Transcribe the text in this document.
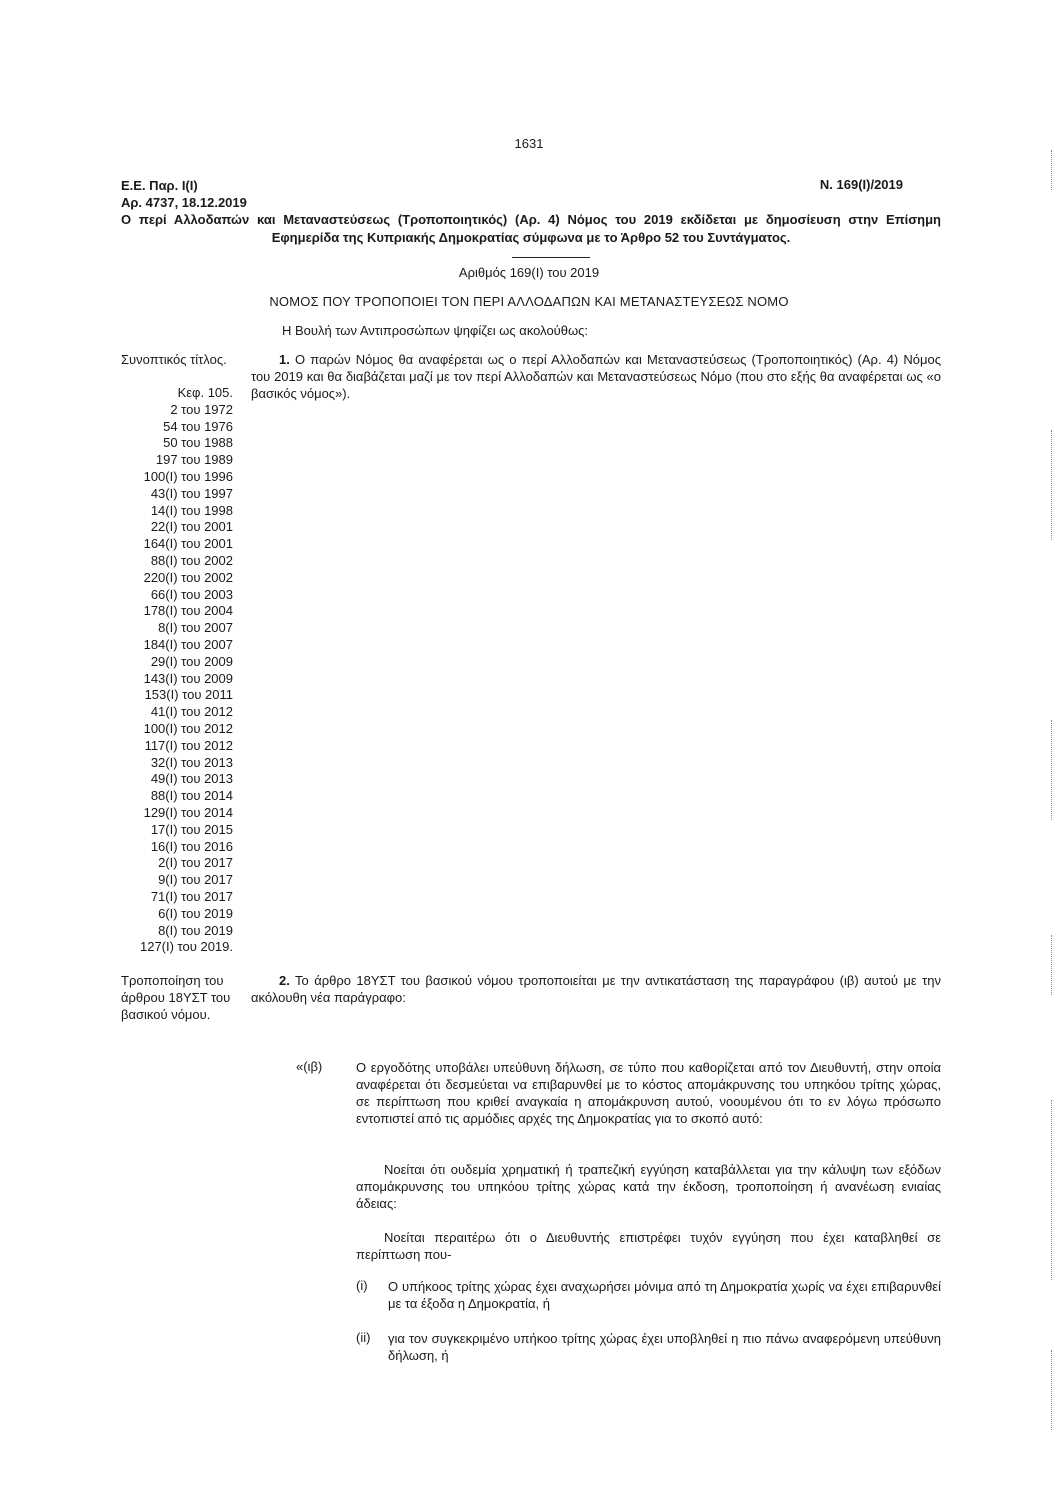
1631
Ε.Ε. Παρ. Ι(Ι)
Αρ. 4737, 18.12.2019
Ν. 169(Ι)/2019
Ο περί Αλλοδαπών και Μεταναστεύσεως (Τροποποιητικός) (Αρ. 4) Νόμος του 2019 εκδίδεται με δημοσίευση στην Επίσημη Εφημερίδα της Κυπριακής Δημοκρατίας σύμφωνα με το Άρθρο 52 του Συντάγματος.
Αριθμός 169(Ι) του 2019
ΝΟΜΟΣ ΠΟΥ ΤΡΟΠΟΠΟΙΕΙ ΤΟΝ ΠΕΡΙ ΑΛΛΟΔΑΠΩΝ ΚΑΙ ΜΕΤΑΝΑΣΤΕΥΣΕΩΣ ΝΟΜΟ
Η Βουλή των Αντιπροσώπων ψηφίζει ως ακολούθως:
Συνοπτικός τίτλος.
Κεφ. 105.
2 του 1972
54 του 1976
50 του 1988
197 του 1989
100(Ι) του 1996
43(Ι) του 1997
14(Ι) του 1998
22(Ι) του 2001
164(Ι) του 2001
88(Ι) του 2002
220(Ι) του 2002
66(Ι) του 2003
178(Ι) του 2004
8(Ι) του 2007
184(Ι) του 2007
29(Ι) του 2009
143(Ι) του 2009
153(Ι) του 2011
41(Ι) του 2012
100(Ι) του 2012
117(Ι) του 2012
32(Ι) του 2013
49(Ι) του 2013
88(Ι) του 2014
129(Ι) του 2014
17(Ι) του 2015
16(Ι) του 2016
2(Ι) του 2017
9(Ι) του 2017
71(Ι) του 2017
6(Ι) του 2019
8(Ι) του 2019
127(Ι) του 2019.
1. Ο παρών Νόμος θα αναφέρεται ως ο περί Αλλοδαπών και Μεταναστεύσεως (Τροποποιητικός) (Αρ. 4) Νόμος του 2019 και θα διαβάζεται μαζί με τον περί Αλλοδαπών και Μεταναστεύσεως Νόμο (που στο εξής θα αναφέρεται ως «ο βασικός νόμος»).
Τροποποίηση του άρθρου 18ΥΣΤ του βασικού νόμου.
2. Το άρθρο 18ΥΣΤ του βασικού νόμου τροποποιείται με την αντικατάσταση της παραγράφου (ιβ) αυτού με την ακόλουθη νέα παράγραφο:
«(ιβ)	Ο εργοδότης υποβάλει υπεύθυνη δήλωση, σε τύπο που καθορίζεται από τον Διευθυντή, στην οποία αναφέρεται ότι δεσμεύεται να επιβαρυνθεί με το κόστος απομάκρυνσης του υπηκόου τρίτης χώρας, σε περίπτωση που κριθεί αναγκαία η απομάκρυνση αυτού, νοουμένου ότι το εν λόγω πρόσωπο εντοπιστεί από τις αρμόδιες αρχές της Δημοκρατίας για το σκοπό αυτό:
Νοείται ότι ουδεμία χρηματική ή τραπεζική εγγύηση καταβάλλεται για την κάλυψη των εξόδων απομάκρυνσης του υπηκόου τρίτης χώρας κατά την έκδοση, τροποποίηση ή ανανέωση ενιαίας άδειας:
Νοείται περαιτέρω ότι ο Διευθυντής επιστρέφει τυχόν εγγύηση που έχει καταβληθεί σε περίπτωση που-
(i) Ο υπήκοος τρίτης χώρας έχει αναχωρήσει μόνιμα από τη Δημοκρατία χωρίς να έχει επιβαρυνθεί με τα έξοδα η Δημοκρατία, ή
(ii) για τον συγκεκριμένο υπήκοο τρίτης χώρας έχει υποβληθεί η πιο πάνω αναφερόμενη υπεύθυνη δήλωση, ή
